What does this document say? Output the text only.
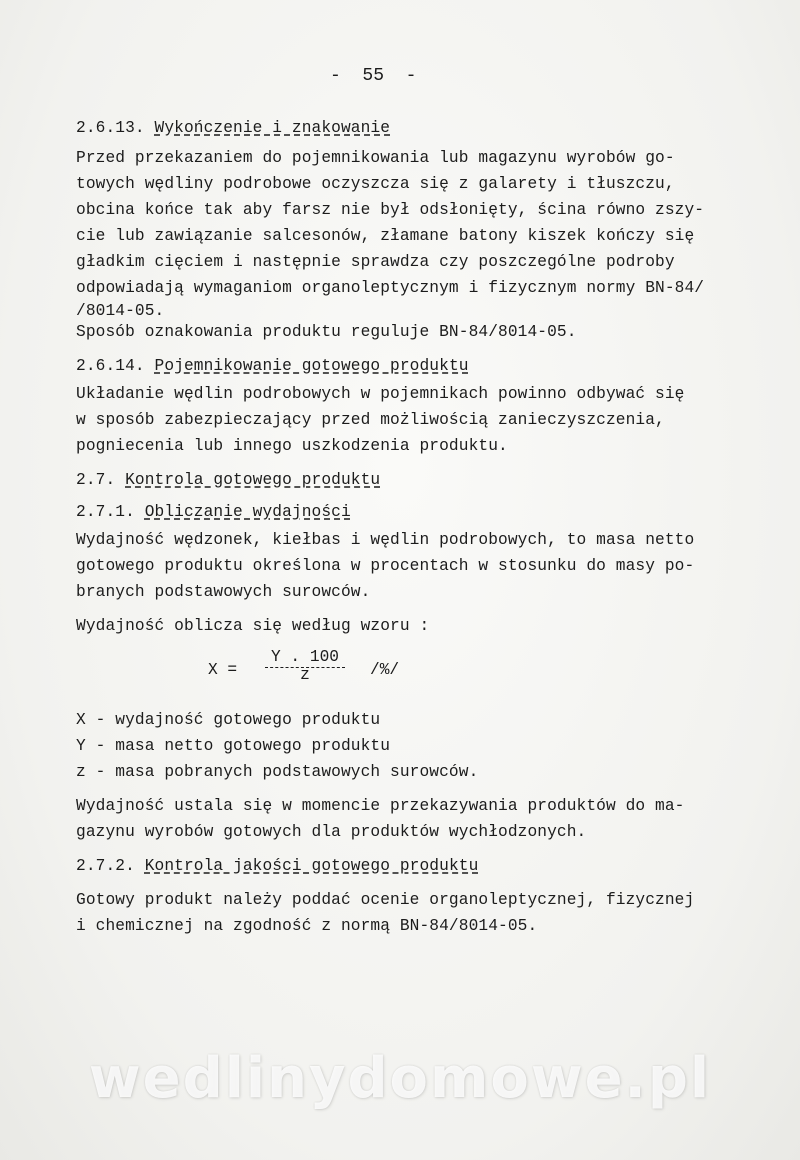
-  55  -
2.6.13. Wykończenie i znakowanie
Przed przekazaniem do pojemnikowania lub magazynu wyrobów go-
towych wędliny podrobowe oczyszcza się z galarety i tłuszczu,
obcina końce tak aby farsz nie był odsłonięty, ścina równo zszy-
cie lub zawiązanie salcesonów, złamane batony kiszek kończy się
gładkim cięciem i następnie sprawdza czy poszczególne podroby
odpowiadają wymaganiom organoleptycznym i fizycznym normy BN-84/
/8014-05.
Sposób oznakowania produktu reguluje BN-84/8014-05.
2.6.14. Pojemnikowanie gotowego produktu
Układanie wędlin podrobowych w pojemnikach powinno odbywać się
w sposób zabezpieczający przed możliwością zanieczyszczenia,
pogniecenia lub innego uszkodzenia produktu.
2.7. Kontrola gotowego produktu
2.7.1. Obliczanie wydajności
Wydajność wędzonek, kiełbas i wędlin podrobowych, to masa netto
gotowego produktu określona w procentach w stosunku do masy po-
branych podstawowych surowców.
Wydajność oblicza się według wzoru :
$X = \frac{Y . 100}{z}$ /%/
X - wydajność gotowego produktu
Y - masa netto gotowego produktu
z - masa pobranych podstawowych surowców.
Wydajność ustala się w momencie przekazywania produktów do ma-
gazynu wyrobów gotowych dla produktów wychłodzonych.
2.7.2. Kontrola jakości gotowego produktu
Gotowy produkt należy poddać ocenie organoleptycznej, fizycznej
i chemicznej na zgodność z normą BN-84/8014-05.
wedlinydomowe.pl
